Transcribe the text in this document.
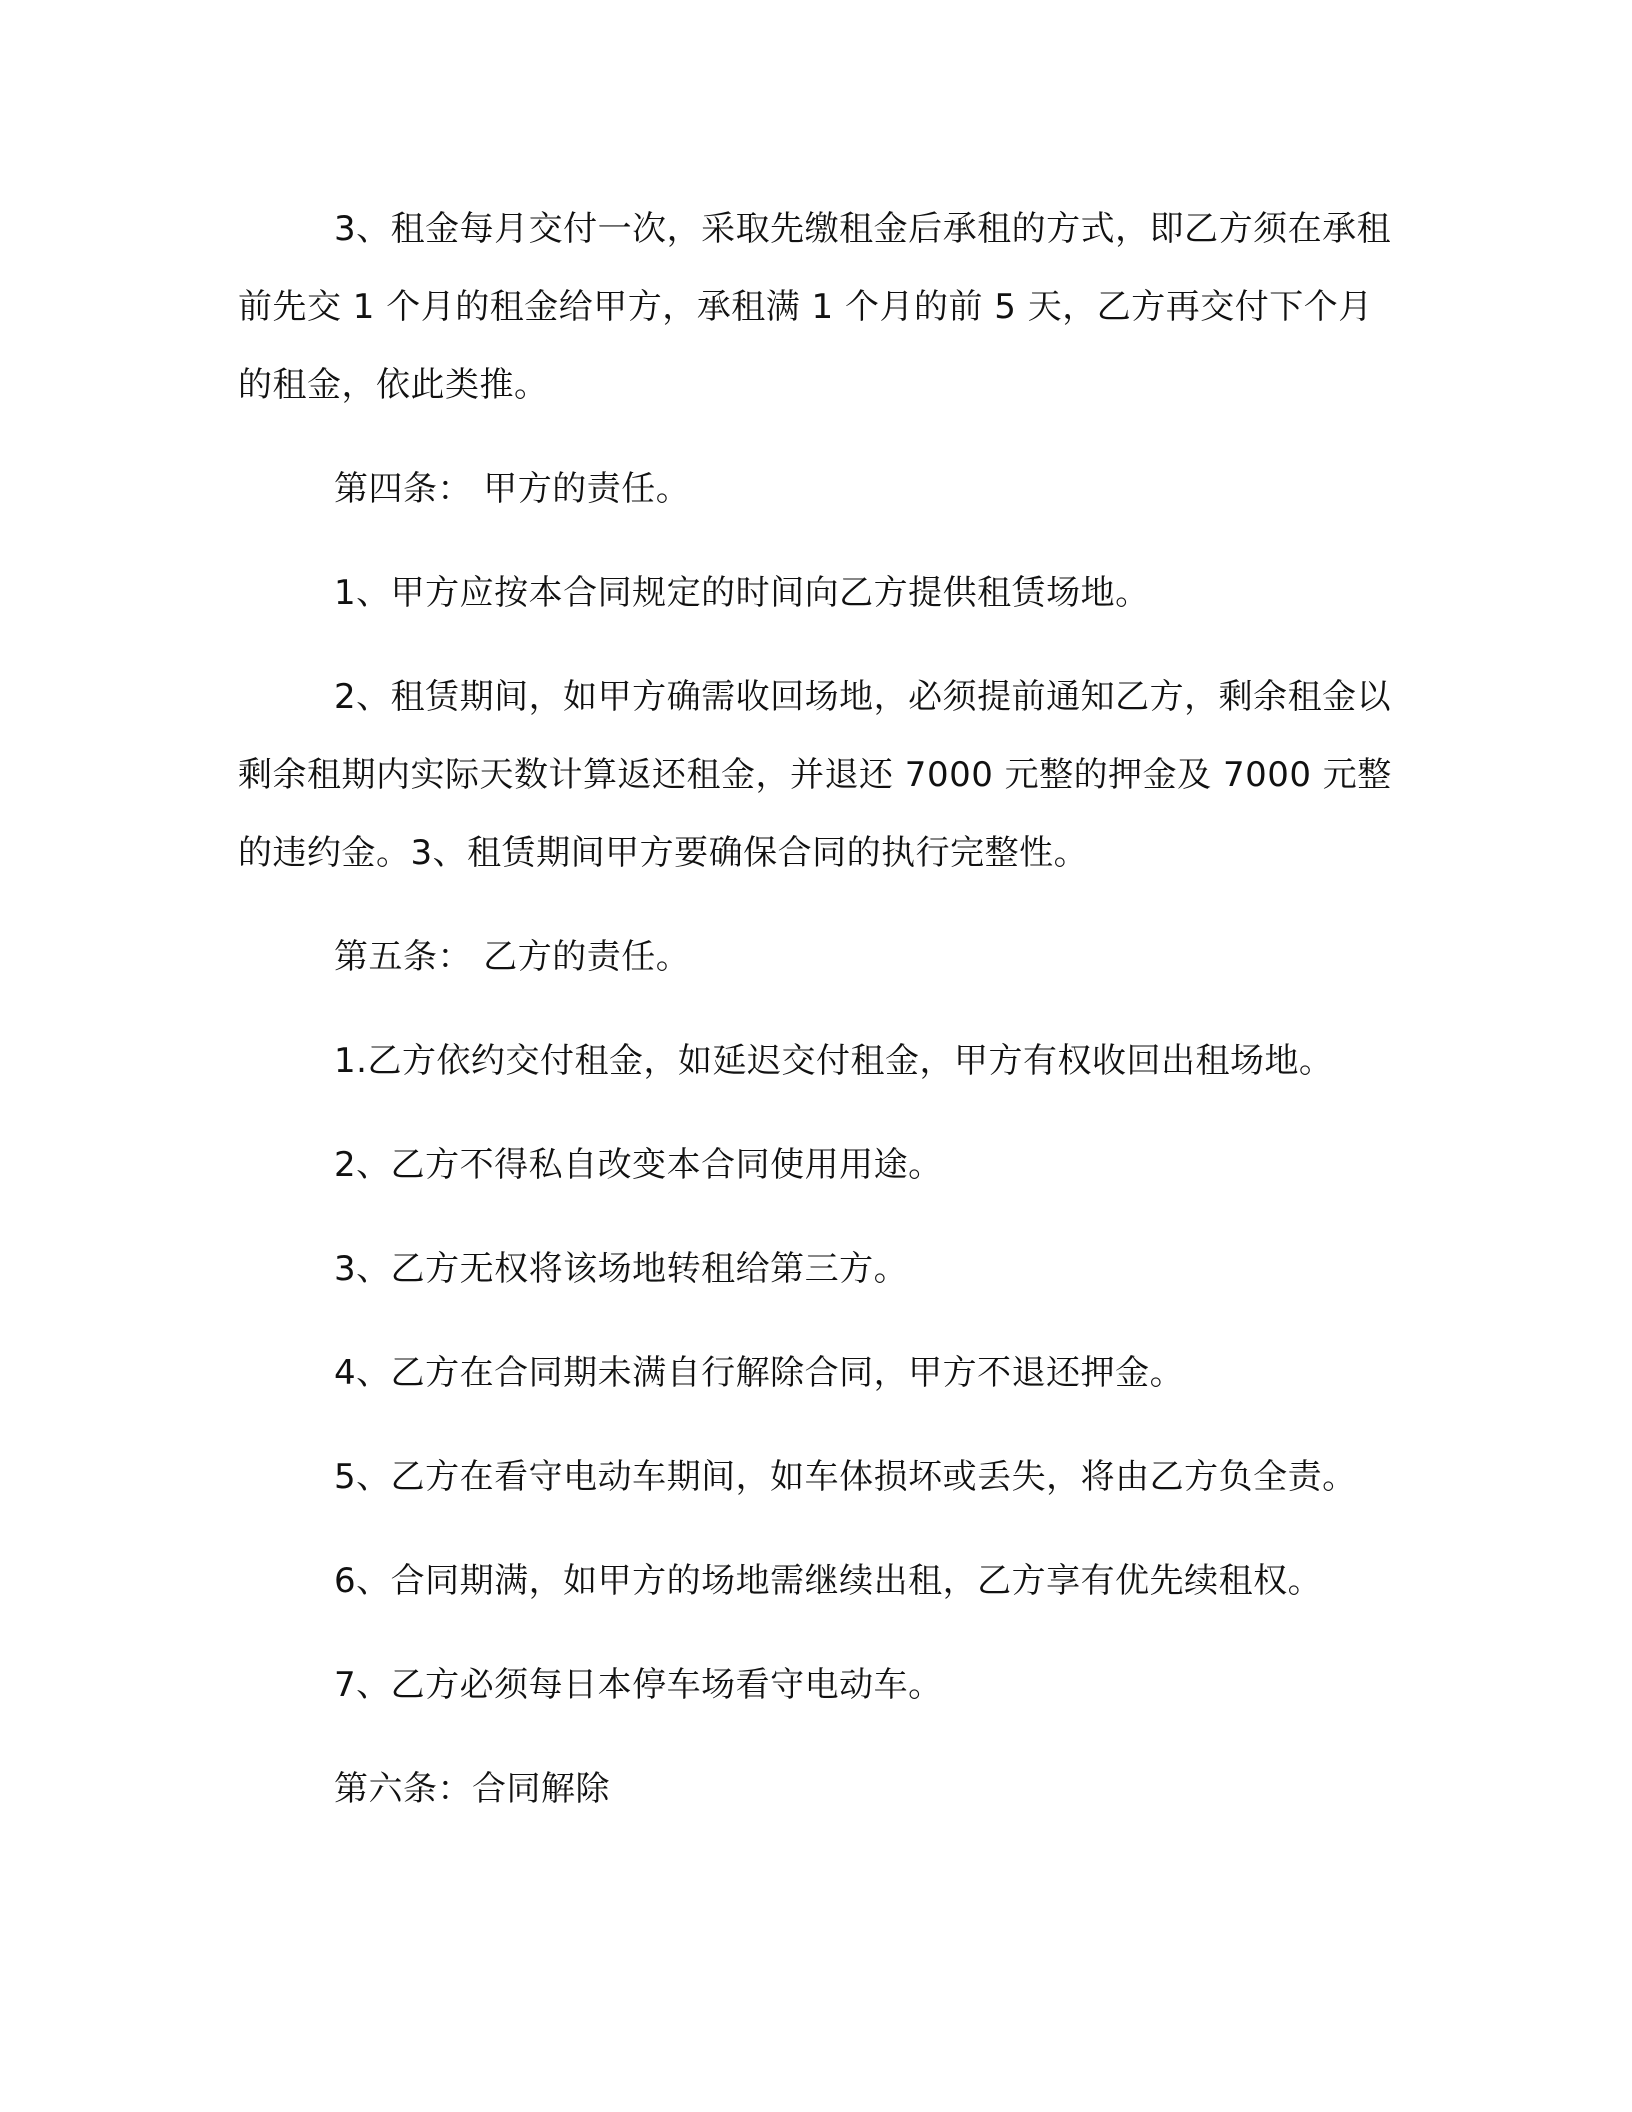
3、租金每月交付一次，采取先缴租金后承租的方式，即乙方须在承租前先交 1 个月的租金给甲方，承租满 1 个月的前 5 天，乙方再交付下个月的租金，依此类推。

第四条： 甲方的责任。

1、甲方应按本合同规定的时间向乙方提供租赁场地。

2、租赁期间，如甲方确需收回场地，必须提前通知乙方，剩余租金以剩余租期内实际天数计算返还租金，并退还 7000 元整的押金及 7000 元整的违约金。3、租赁期间甲方要确保合同的执行完整性。

第五条： 乙方的责任。

1.乙方依约交付租金，如延迟交付租金，甲方有权收回出租场地。

2、乙方不得私自改变本合同使用用途。

3、乙方无权将该场地转租给第三方。

4、乙方在合同期未满自行解除合同，甲方不退还押金。

5、乙方在看守电动车期间，如车体损坏或丢失，将由乙方负全责。

6、合同期满，如甲方的场地需继续出租，乙方享有优先续租权。

7、乙方必须每日本停车场看守电动车。

第六条：合同解除
